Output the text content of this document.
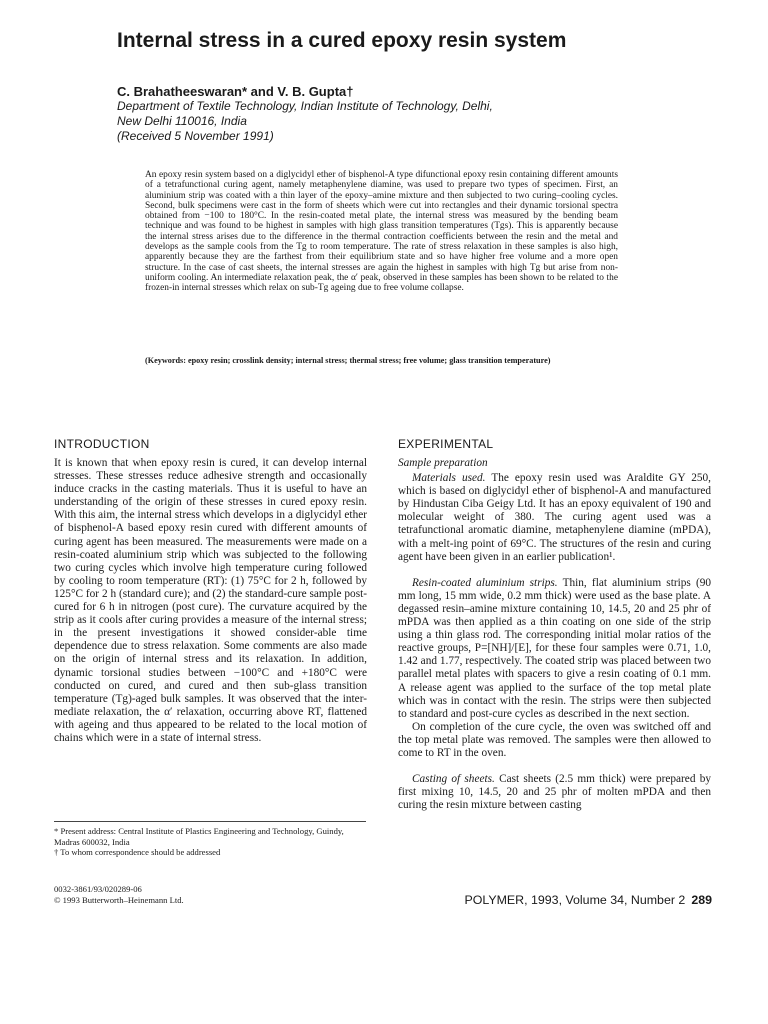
Internal stress in a cured epoxy resin system
C. Brahatheeswaran* and V. B. Gupta†
Department of Textile Technology, Indian Institute of Technology, Delhi,
New Delhi 110016, India
(Received 5 November 1991)

An epoxy resin system based on a diglycidyl ether of bisphenol-A type difunctional epoxy resin containing different amounts of a tetrafunctional curing agent, namely metaphenylene diamine, was used to prepare two types of specimen. First, an aluminium strip was coated with a thin layer of the epoxy–amine mixture and then subjected to two curing–cooling cycles. Second, bulk specimens were cast in the form of sheets which were cut into rectangles and their dynamic torsional spectra obtained from −100 to 180°C. In the resin-coated metal plate, the internal stress was measured by the bending beam technique and was found to be highest in samples with high glass transition temperatures (Tgs). This is apparently because the internal stress arises due to the difference in the thermal contraction coefficients between the resin and the metal and develops as the sample cools from the Tg to room temperature. The rate of stress relaxation in these samples is also high, apparently because they are the farthest from their equilibrium state and so have higher free volume and a more open structure. In the case of cast sheets, the internal stresses are again the highest in samples with high Tg but arise from non-uniform cooling. An intermediate relaxation peak, the α′ peak, observed in these samples has been shown to be related to the frozen-in internal stresses which relax on sub-Tg ageing due to free volume collapse.

(Keywords: epoxy resin; crosslink density; internal stress; thermal stress; free volume; glass transition temperature)
INTRODUCTION

It is known that when epoxy resin is cured, it can develop internal stresses. These stresses reduce adhesive strength and occasionally induce cracks in the casting materials. Thus it is useful to have an understanding of the origin of these stresses in cured epoxy resin. With this aim, the internal stress which develops in a diglycidyl ether of bisphenol-A based epoxy resin cured with different amounts of curing agent has been measured. The measurements were made on a resin-coated aluminium strip which was subjected to the following two curing cycles which involve high temperature curing followed by cooling to room temperature (RT): (1) 75°C for 2 h, followed by 125°C for 2 h (standard cure); and (2) the standard-cure sample post-cured for 6 h in nitrogen (post cure). The curvature acquired by the strip as it cools after curing provides a measure of the internal stress; in the present investigations it showed consider-able time dependence due to stress relaxation. Some comments are also made on the origin of internal stress and its relaxation. In addition, dynamic torsional studies between −100°C and +180°C were conducted on cured, and cured and then sub-glass transition temperature (Tg)-aged bulk samples. It was observed that the inter-mediate relaxation, the α′ relaxation, occurring above RT, flattened with ageing and thus appeared to be related to the local motion of chains which were in a state of internal stress.

EXPERIMENTAL
Sample preparation

Materials used. The epoxy resin used was Araldite GY 250, which is based on diglycidyl ether of bisphenol-A and manufactured by Hindustan Ciba Geigy Ltd. It has an epoxy equivalent of 190 and molecular weight of 380. The curing agent used was a tetrafunctional aromatic diamine, metaphenylene diamine (mPDA), with a melt-ing point of 69°C. The structures of the resin and curing agent have been given in an earlier publication¹.

Resin-coated aluminium strips. Thin, flat aluminium strips (90 mm long, 15 mm wide, 0.2 mm thick) were used as the base plate. A degassed resin–amine mixture containing 10, 14.5, 20 and 25 phr of mPDA was then applied as a thin coating on one side of the strip using a thin glass rod. The corresponding initial molar ratios of the reactive groups, P=[NH]/[E], for these four samples were 0.71, 1.0, 1.42 and 1.77, respectively. The coated strip was placed between two parallel metal plates with spacers to give a resin coating of 0.1 mm. A release agent was applied to the surface of the top metal plate which was in contact with the resin. The strips were then subjected to standard and post-cure cycles as described in the next section.

On completion of the cure cycle, the oven was switched off and the top metal plate was removed. The samples were then allowed to come to RT in the oven.

Casting of sheets. Cast sheets (2.5 mm thick) were prepared by first mixing 10, 14.5, 20 and 25 phr of molten mPDA and then curing the resin mixture between casting

* Present address: Central Institute of Plastics Engineering and Technology, Guindy, Madras 600032, India
† To whom correspondence should be addressed
0032-3861/93/020289-06
© 1993 Butterworth–Heinemann Ltd.	POLYMER, 1993, Volume 34, Number 2 289
